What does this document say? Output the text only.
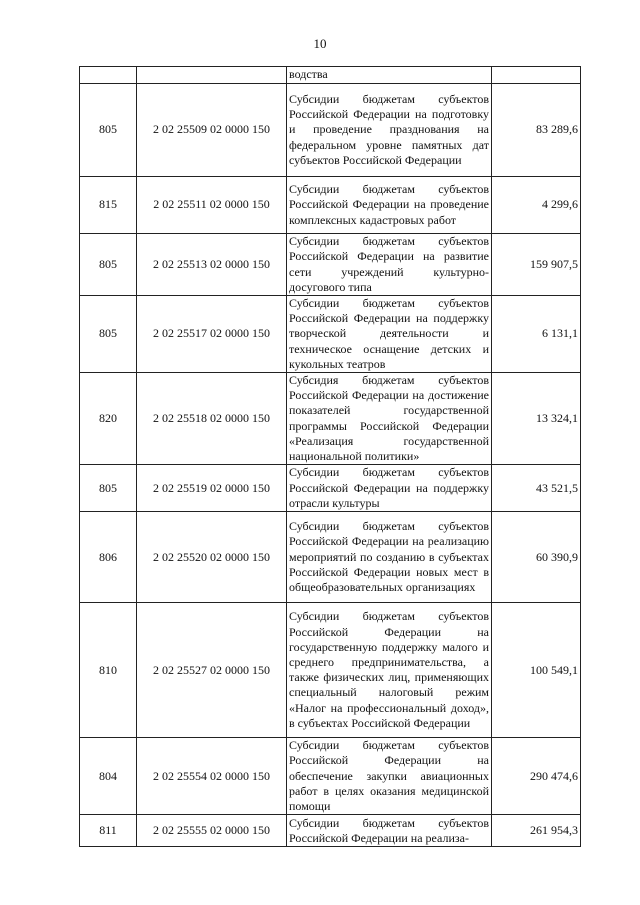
10
		водства	
805	2 02 25509 02 0000 150	Субсидии бюджетам субъектов Российской Федерации на подготовку и проведение празднования на федеральном уровне памятных дат субъектов Российской Федерации	83 289,6
815	2 02 25511 02 0000 150	Субсидии бюджетам субъектов Российской Федерации на проведение комплексных кадастровых работ	4 299,6
805	2 02 25513 02 0000 150	Субсидии бюджетам субъектов Российской Федерации на развитие сети учреждений культурно-досугового типа	159 907,5
805	2 02 25517 02 0000 150	Субсидии бюджетам субъектов Российской Федерации на поддержку творческой деятельности и техническое оснащение детских и кукольных театров	6 131,1
820	2 02 25518 02 0000 150	Субсидия бюджетам субъектов Российской Федерации на достижение показателей государственной программы Российской Федерации «Реализация государственной национальной политики»	13 324,1
805	2 02 25519 02 0000 150	Субсидии бюджетам субъектов Российской Федерации на поддержку отрасли культуры	43 521,5
806	2 02 25520 02 0000 150	Субсидии бюджетам субъектов Российской Федерации на реализацию мероприятий по созданию в субъектах Российской Федерации новых мест в общеобразовательных организациях	60 390,9
810	2 02 25527 02 0000 150	Субсидии бюджетам субъектов Российской Федерации на государственную поддержку малого и среднего предпринимательства, а также физических лиц, применяющих специальный налоговый режим «Налог на профессиональный доход», в субъектах Российской Федерации	100 549,1
804	2 02 25554 02 0000 150	Субсидии бюджетам субъектов Российской Федерации на обеспечение закупки авиационных работ в целях оказания медицинской помощи	290 474,6
811	2 02 25555 02 0000 150	Субсидии бюджетам субъектов Российской Федерации на реализа-	261 954,3
